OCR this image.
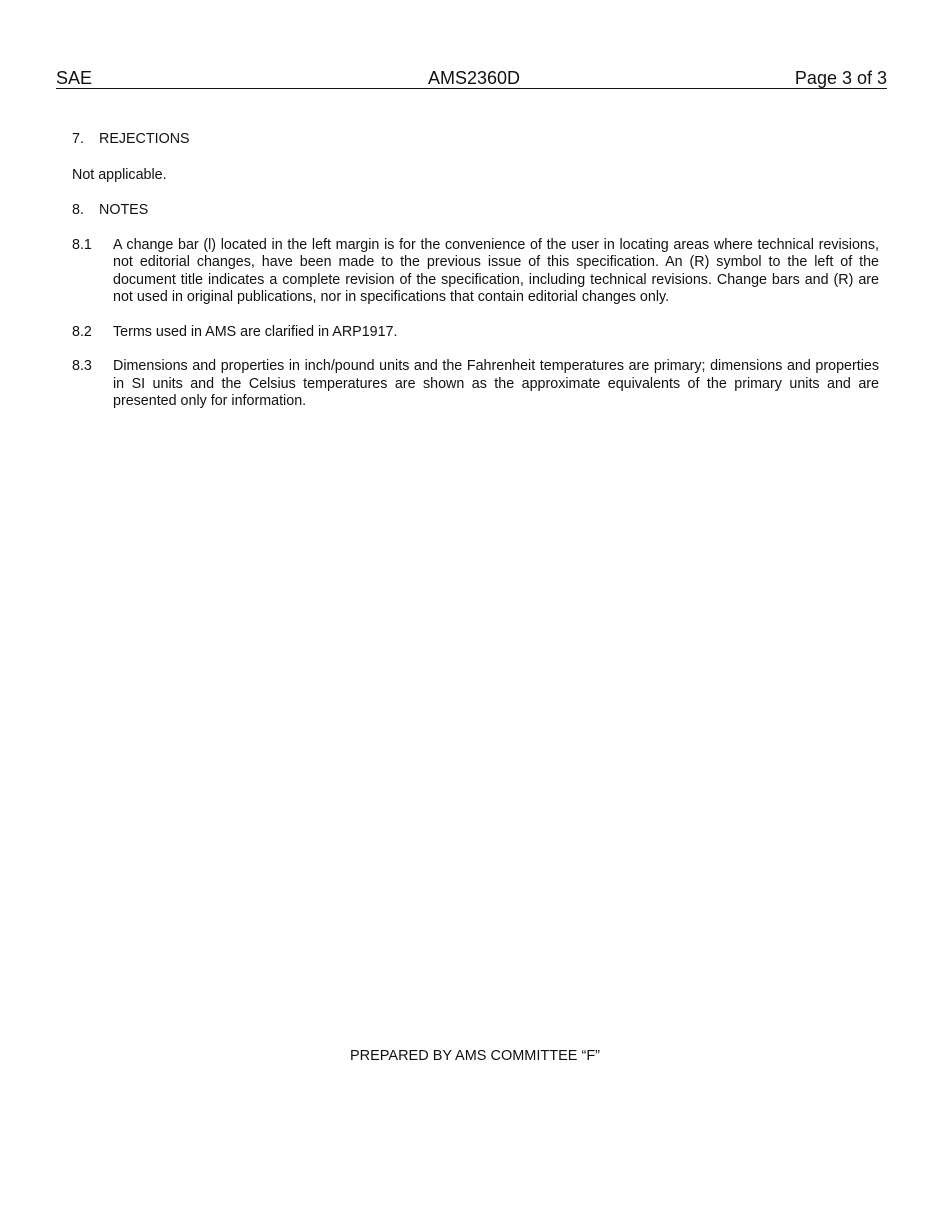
SAE	AMS2360D	Page 3 of 3
7. REJECTIONS

Not applicable.

8. NOTES
8.1	A change bar (l) located in the left margin is for the convenience of the user in locating areas where technical revisions, not editorial changes, have been made to the previous issue of this specification. An (R) symbol to the left of the document title indicates a complete revision of the specification, including technical revisions. Change bars and (R) are not used in original publications, nor in specifications that contain editorial changes only.
8.2	Terms used in AMS are clarified in ARP1917.
8.3	Dimensions and properties in inch/pound units and the Fahrenheit temperatures are primary; dimensions and properties in SI units and the Celsius temperatures are shown as the approximate equivalents of the primary units and are presented only for information.
PREPARED BY AMS COMMITTEE “F”
